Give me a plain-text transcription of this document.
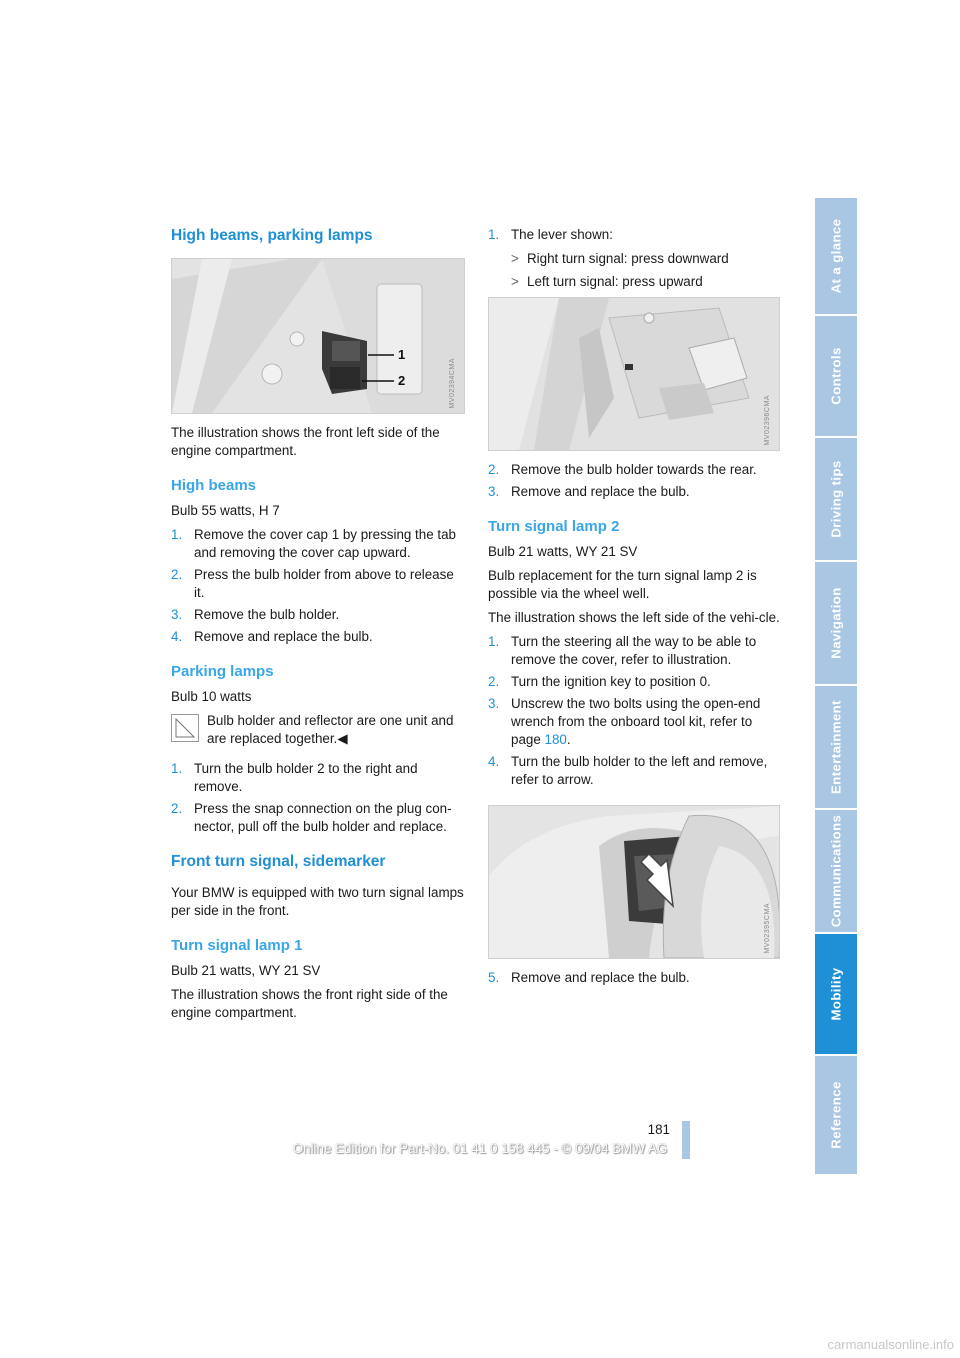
High beams, parking lamps
1
2	MV02394CMA

The illustration shows the front left side of the engine compartment.

High beams

Bulb 55 watts, H 7

1. Remove the cover cap 1 by pressing the tab and removing the cover cap upward.
2. Press the bulb holder from above to release it.
3. Remove the bulb holder.
4. Remove and replace the bulb.
Parking lamps

Bulb 10 watts

Bulb holder and reflector are one unit and are replaced together.◀
1. Turn the bulb holder 2 to the right and remove.
2. Press the snap connection on the plug con-nector, pull off the bulb holder and replace.
Front turn signal, sidemarker

Your BMW is equipped with two turn signal lamps per side in the front.

Turn signal lamp 1

Bulb 21 watts, WY 21 SV

The illustration shows the front right side of the engine compartment.

1. The lever shown:
> Right turn signal: press downward
> Left turn signal: press upward
MV02396CMA
2. Remove the bulb holder towards the rear.
3. Remove and replace the bulb.
Turn signal lamp 2

Bulb 21 watts, WY 21 SV

Bulb replacement for the turn signal lamp 2 is possible via the wheel well.

The illustration shows the left side of the vehi-cle.

1. Turn the steering all the way to be able to remove the cover, refer to illustration.
2. Turn the ignition key to position 0.
3. Unscrew the two bolts using the open-end wrench from the onboard tool kit, refer to page 180.
4. Turn the bulb holder to the left and remove, refer to arrow.
MV02395CMA
5. Remove and replace the bulb.
At a glance
Controls
Driving tips
Navigation
Entertainment
Communications
Mobility
Reference
181
Online Edition for Part-No. 01 41 0 158 445 - © 09/04 BMW AG
carmanualsonline.info
